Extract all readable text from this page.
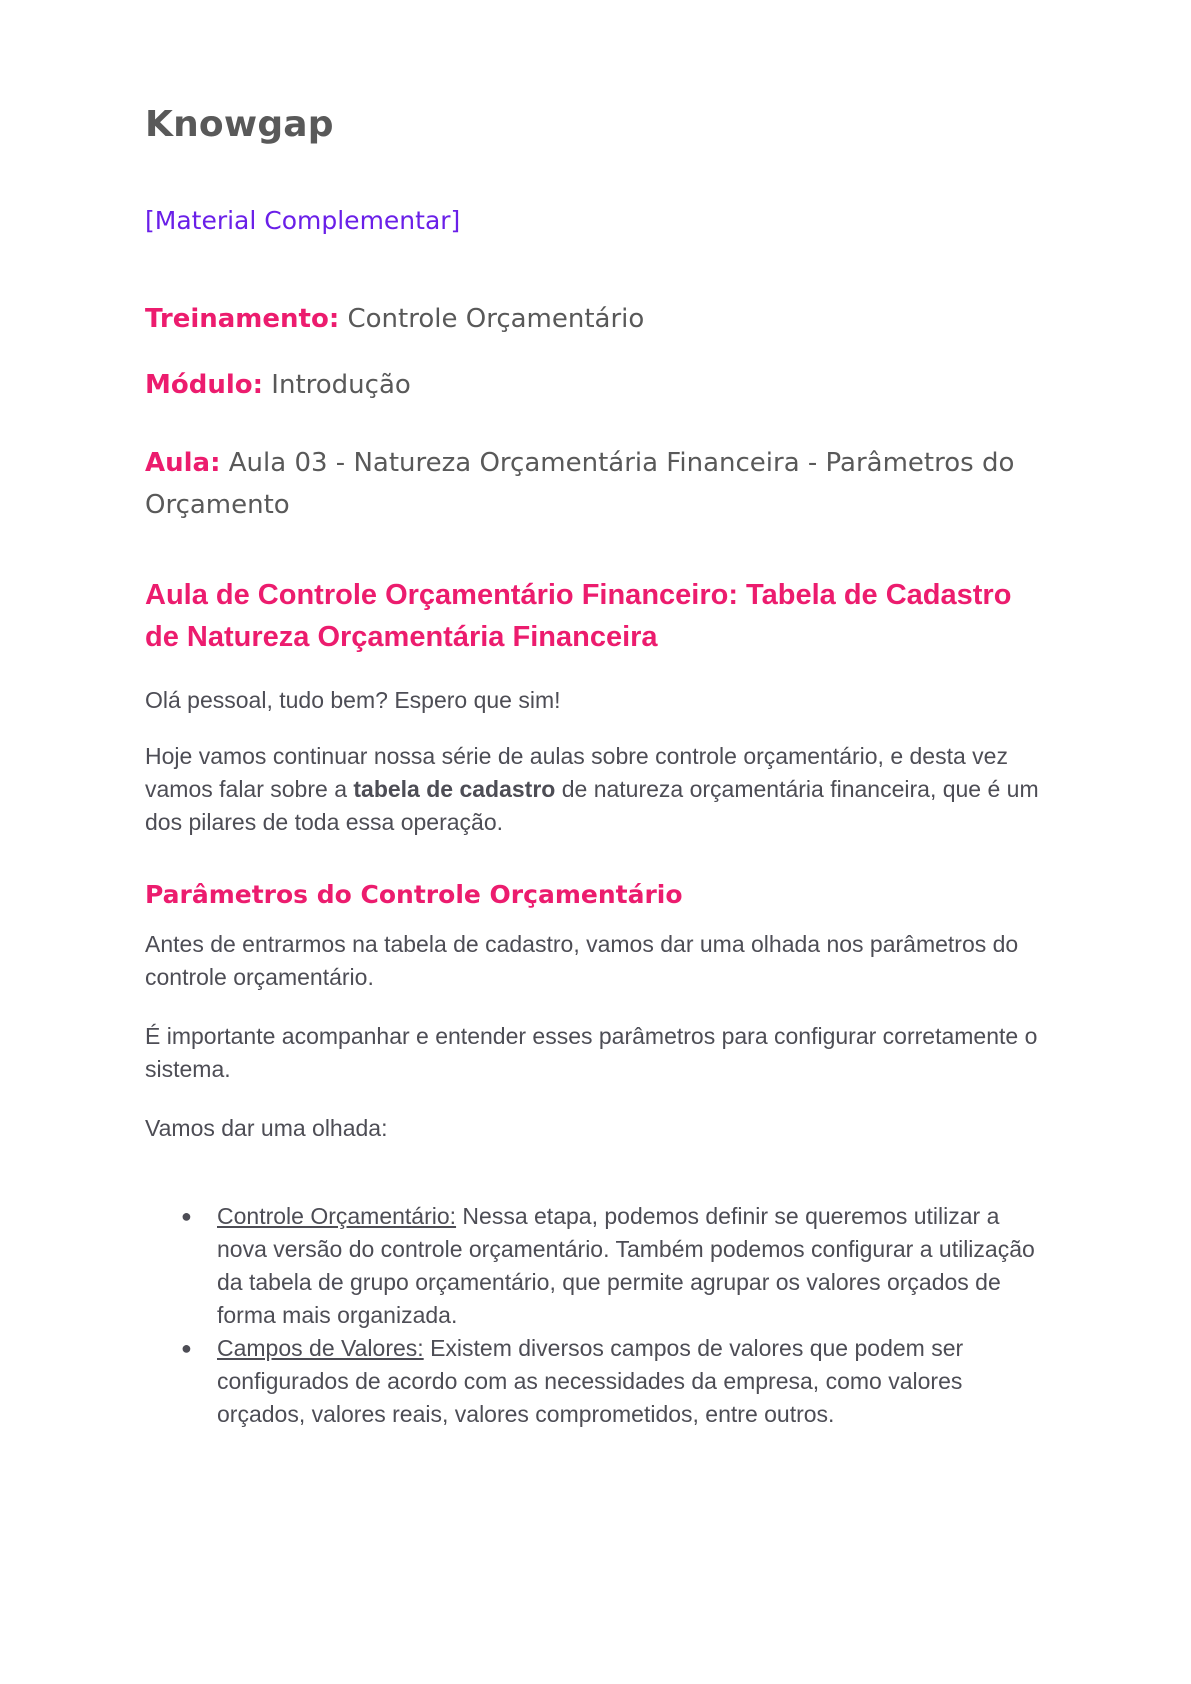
Knowgap
[Material Complementar]
Treinamento: Controle Orçamentário
Módulo: Introdução
Aula: Aula 03 - Natureza Orçamentária Financeira - Parâmetros do Orçamento
Aula de Controle Orçamentário Financeiro: Tabela de Cadastro de Natureza Orçamentária Financeira
Olá pessoal, tudo bem? Espero que sim!
Hoje vamos continuar nossa série de aulas sobre controle orçamentário, e desta vez vamos falar sobre a tabela de cadastro de natureza orçamentária financeira, que é um dos pilares de toda essa operação.
Parâmetros do Controle Orçamentário
Antes de entrarmos na tabela de cadastro, vamos dar uma olhada nos parâmetros do controle orçamentário.
É importante acompanhar e entender esses parâmetros para configurar corretamente o sistema.
Vamos dar uma olhada:
● Controle Orçamentário: Nessa etapa, podemos definir se queremos utilizar a nova versão do controle orçamentário. Também podemos configurar a utilização da tabela de grupo orçamentário, que permite agrupar os valores orçados de forma mais organizada.
● Campos de Valores: Existem diversos campos de valores que podem ser configurados de acordo com as necessidades da empresa, como valores orçados, valores reais, valores comprometidos, entre outros.
